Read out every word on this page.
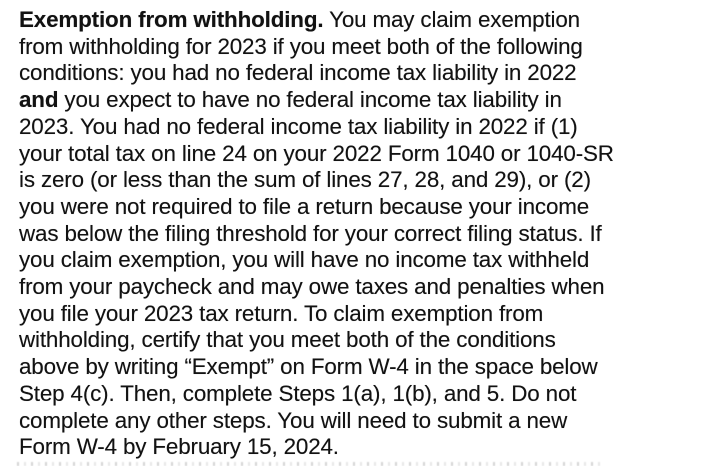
Exemption from withholding. You may claim exemption
from withholding for 2023 if you meet both of the following
conditions: you had no federal income tax liability in 2022
and you expect to have no federal income tax liability in
2023. You had no federal income tax liability in 2022 if (1)
your total tax on line 24 on your 2022 Form 1040 or 1040-SR
is zero (or less than the sum of lines 27, 28, and 29), or (2)
you were not required to file a return because your income
was below the filing threshold for your correct filing status. If
you claim exemption, you will have no income tax withheld
from your paycheck and may owe taxes and penalties when
you file your 2023 tax return. To claim exemption from
withholding, certify that you meet both of the conditions
above by writing “Exempt” on Form W-4 in the space below
Step 4(c). Then, complete Steps 1(a), 1(b), and 5. Do not
complete any other steps. You will need to submit a new
Form W-4 by February 15, 2024.
